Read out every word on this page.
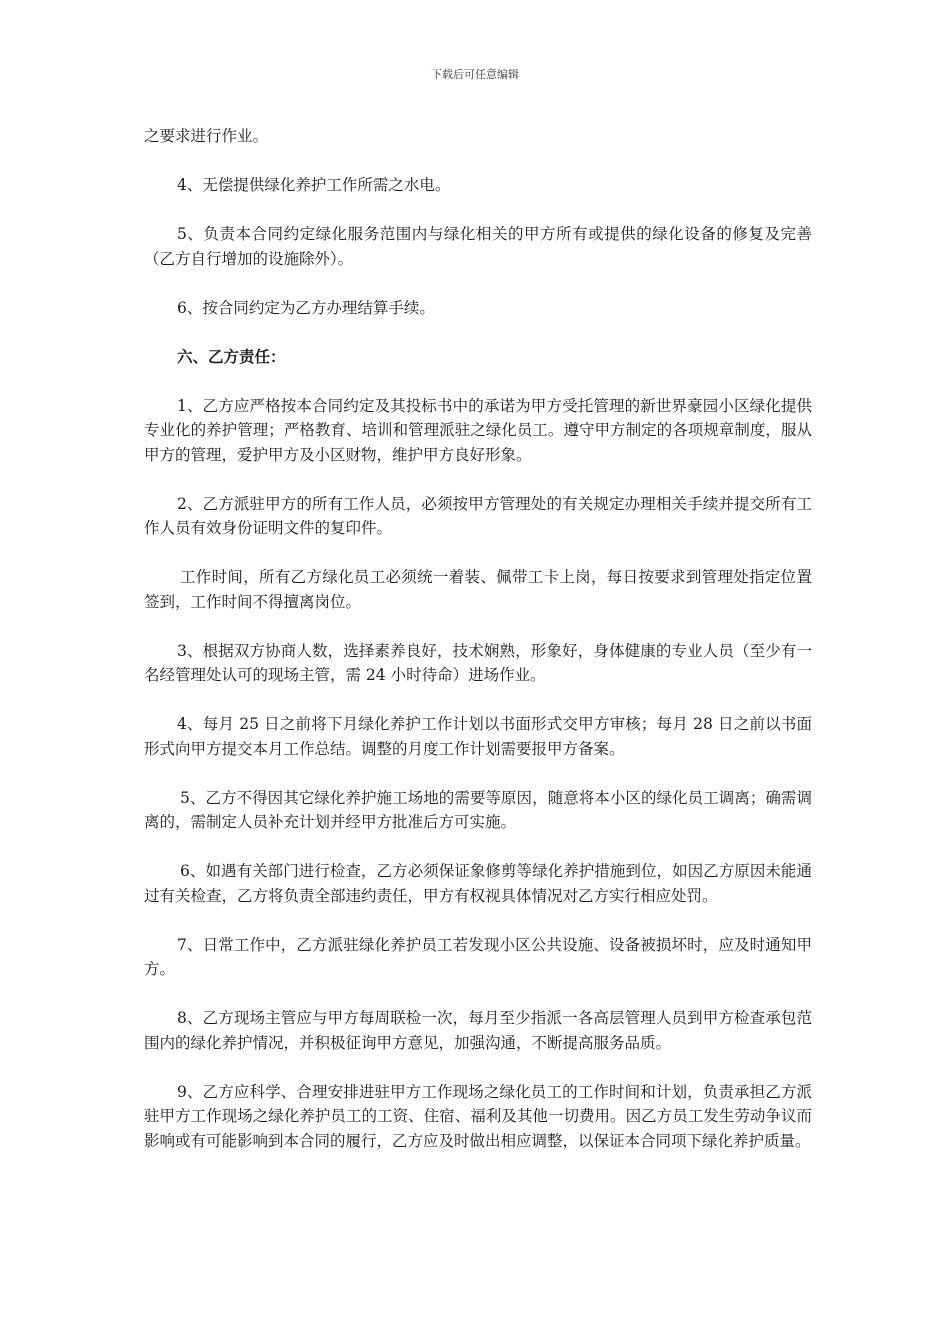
下载后可任意编辑

之要求进行作业。

4、无偿提供绿化养护工作所需之水电。

5、负责本合同约定绿化服务范围内与绿化相关的甲方所有或提供的绿化设备的修复及完善（乙方自行增加的设施除外）。

6、按合同约定为乙方办理结算手续。

六、乙方责任：

1、乙方应严格按本合同约定及其投标书中的承诺为甲方受托管理的新世界豪园小区绿化提供专业化的养护管理；严格教育、培训和管理派驻之绿化员工。遵守甲方制定的各项规章制度，服从甲方的管理，爱护甲方及小区财物，维护甲方良好形象。

2、乙方派驻甲方的所有工作人员，必须按甲方管理处的有关规定办理相关手续并提交所有工作人员有效身份证明文件的复印件。

工作时间，所有乙方绿化员工必须统一着装、佩带工卡上岗，每日按要求到管理处指定位置签到，工作时间不得擅离岗位。

3、根据双方协商人数，选择素养良好，技术娴熟，形象好，身体健康的专业人员（至少有一名经管理处认可的现场主管，需 24 小时待命）进场作业。

4、每月 25 日之前将下月绿化养护工作计划以书面形式交甲方审核；每月 28 日之前以书面形式向甲方提交本月工作总结。调整的月度工作计划需要报甲方备案。

5、乙方不得因其它绿化养护施工场地的需要等原因，随意将本小区的绿化员工调离；确需调离的，需制定人员补充计划并经甲方批准后方可实施。

6、如遇有关部门进行检查，乙方必须保证象修剪等绿化养护措施到位，如因乙方原因未能通过有关检查，乙方将负责全部违约责任，甲方有权视具体情况对乙方实行相应处罚。

7、日常工作中，乙方派驻绿化养护员工若发现小区公共设施、设备被损坏时，应及时通知甲方。

8、乙方现场主管应与甲方每周联检一次，每月至少指派一各高层管理人员到甲方检查承包范围内的绿化养护情况，并积极征询甲方意见，加强沟通，不断提高服务品质。

9、乙方应科学、合理安排进驻甲方工作现场之绿化员工的工作时间和计划，负责承担乙方派驻甲方工作现场之绿化养护员工的工资、住宿、福利及其他一切费用。因乙方员工发生劳动争议而影响或有可能影响到本合同的履行，乙方应及时做出相应调整，以保证本合同项下绿化养护质量。
